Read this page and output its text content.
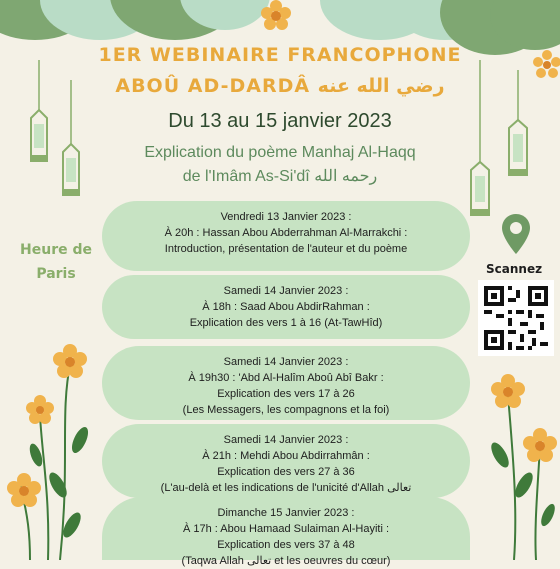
1ER WEBINAIRE FRANCOPHONE
ABOÛ AD-DARDÂ رضي الله عنه
Du 13 au 15 janvier 2023
Explication du poème Manhaj Al-Haqq
de l'Imâm As-Si'dî رحمه الله
Heure de
Paris	Scannez
Vendredi 13 Janvier 2023 :
À 20h : Hassan Abou Abderrahman Al-Marrakchi :
Introduction, présentation de l'auteur et du poème
Samedi 14 Janvier 2023 :
À 18h : Saad Abou AbdirRahman :
Explication des vers 1 à 16 (At-TawHîd)
Samedi 14 Janvier 2023 :
À 19h30 : 'Abd Al-Halîm Aboû Abî Bakr :
Explication des vers 17 à 26
(Les Messagers, les compagnons et la foi)
Samedi 14 Janvier 2023 :
À 21h : Mehdi Abou Abdirrahmân :
Explication des vers 27 à 36
(L'au-delà et les indications de l'unicité d'Allah تعالى
Dimanche 15 Janvier 2023 :
À 17h : Abou Hamaad Sulaiman Al-Hayiti :
Explication des vers 37 à 48
(Taqwa Allah تعالى et les oeuvres du cœur)
